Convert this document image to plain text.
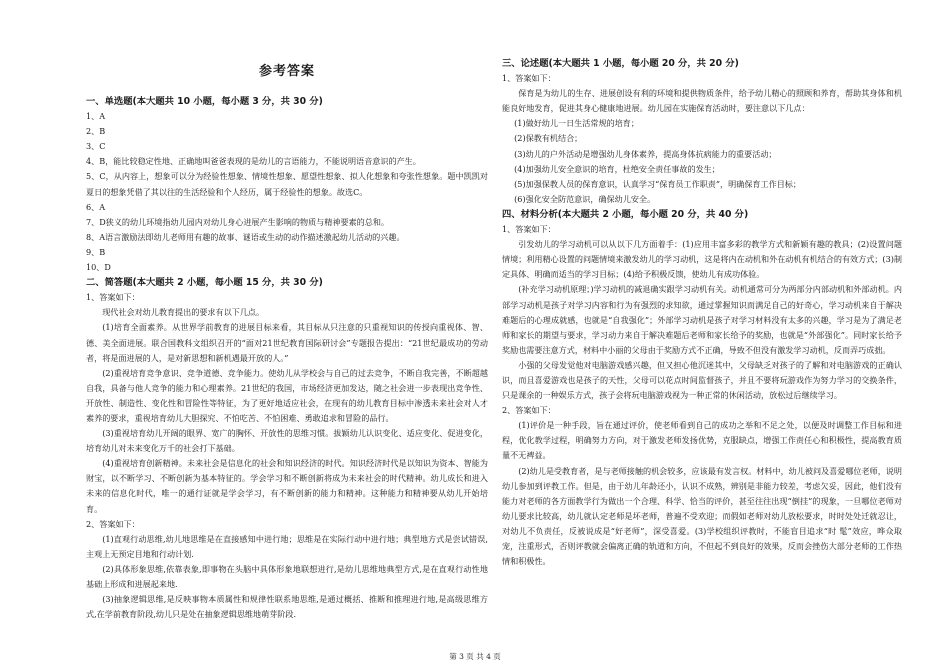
参考答案
一、单选题(本大题共 10 小题，每小题 3 分，共 30 分)

1、A

2、B

3、C

4、B，能比较稳定性地、正确地叫爸爸表现的是幼儿的言语能力，不能说明语音意识的产生。

5、C，从内容上，想象可以分为经验性想象、情境性想象、愿望性想象、拟人化想象和夸张性想象。题中凯凯对夏日的想象凭借了其以往的生活经验和个人经历，属于经验性的想象。故选C。

6、A

7、D狭义的幼儿环境指幼儿园内对幼儿身心进展产生影响的物质与精神要素的总和。

8、A语言激励法即幼儿老师用有趣的故事、谜语或生动的动作描述激起幼儿活动的兴趣。

9、B

10、D

二、简答题(本大题共 2 小题，每小题 15 分，共 30 分)

1、答案如下：

现代社会对幼儿教育提出的要求有以下几点。

(1)培育全面素养。从世界学前教育的进展目标来看，其目标从只注意的只重视知识的传授向重视体、智、德、美全面进展。联合国教科文组织召开的“面对21世纪教育国际研讨会”专题报告提出：“21世纪最成功的劳动者，将是面进展的人，是对新思想和新机遇最开放的人。”

(2)重视培育竞争意识、竞争道德、竞争能力。使幼儿从学校会与自己的过去竞争，不断自我完善，不断超越自我，具备与他人竞争的能力和心理素养。21世纪的我国，市场经济更加发达，随之社会进一步表现出竞争性、开放性、制造性、变化性和冒险性等特征，为了更好地适应社会，在现有的幼儿教育目标中渗透未来社会对人才素养的要求，重视培育幼儿大胆探究、不怕吃苦、不怕困难、勇敢追求和冒险的品行。

(3)重视培育幼儿开阔的眼界、宽广的胸怀、开放性的思维习惯。拔颖幼儿认识变化、适应变化、促进变化，培育幼儿对未来变化万千的社会打下基础。

(4)重视培育创新精神。未来社会是信息化的社会和知识经济的时代。知识经济时代是以知识为资本、智能为财宝，以不断学习、不断创新为基本特征的。学会学习和不断创新将成为未来社会的时代精神。幼儿成长和进入未来的信息化时代，唯一的通行证就是学会学习，有不断创新的能力和精神。这种能力和精神要从幼儿开始培育。

2、答案如下：

(1)直观行动思维,幼儿地思维是在直接感知中进行地；思维是在实际行动中进行地；典型地方式是尝试错误,主观上无预定目地和行动计划.

(2)具体形象思维,依靠表象,即事物在头脑中具体形象地联想进行,是幼儿思维地典型方式,是在直观行动性地基础上形成和进展起来地.

(3)抽象逻辑思维,是反映事物本质属性和规律性联系地思维,是通过概括、推断和推理进行地,是高级思维方式,在学前教育阶段,幼儿只是处在抽象逻辑思维地萌芽阶段.

三、论述题(本大题共 1 小题，每小题 20 分，共 20 分)

1、答案如下：

保育是为幼儿的生存、进展创设有利的环境和提供物质条件，给予幼儿精心的照顾和养育，帮助其身体和机能良好地发育，促进其身心健康地进展。幼儿园在实施保育活动时，要注意以下几点：

(1)做好幼儿一日生活常规的培育；

(2)保教有机结合；

(3)幼儿的户外活动是增强幼儿身体素养，提高身体抗病能力的重要活动；

(4)加强幼儿安全意识的培育，杜绝安全责任事故的发生；

(5)加强保教人员的保育意识，认真学习“保育员工作职责”，明确保育工作目标；

(6)强化安全防范意识，确保幼儿安全。

四、材料分析(本大题共 2 小题，每小题 20 分，共 40 分)

1、答案如下：

引发幼儿的学习动机可以从以下几方面着手：(1)应用丰富多彩的教学方式和新颖有趣的教具；(2)设置问题情境；利用精心设置的问题情境来激发幼儿的学习动机，这是将内在动机和外在动机有机结合的有效方式；(3)制定具体、明确而适当的学习目标；(4)给予积极反馈，使幼儿有成功体验。

(补充学习动机原理；)学习动机的减退确实跟学习动机有关。动机通常可分为两部分内部动机和外部动机。内部学习动机是孩子对学习内容和行为有强烈的求知欲，通过掌握知识而满足自己的好奇心，学习动机来自于解决难题后的心理成就感，也就是“自我强化”；外部学习动机是孩子对学习材料没有太多的兴趣，学习是为了满足老师和家长的期望与要求，学习动力来自于解决难题后老师和家长给予的奖励，也就是“外部强化”。同时家长给予奖励也需要注意方式，材料中小丽的父母由于奖励方式不正确，导致不但没有激发学习动机，反而弄巧成拙。

小强的父母发觉他对电脑游戏感兴趣，但又担心他沉迷其中，父母缺乏对孩子的了解和对电脑游戏的正确认识，而且喜爱游戏也是孩子的天性，父母可以花点时间监督孩子，并且不要将玩游戏作为努力学习的交换条件，只是课余的一种娱乐方式，孩子会将玩电脑游戏视为一种正常的休闲活动，放松过后继续学习。

2、答案如下：

(1)评价是一种手段，旨在通过评价，使老师看到自己的成功之举和不足之处，以便及时调整工作目标和进程，优化教学过程，明确努力方向，对于激发老师发扬优势，克服缺点，增强工作责任心和积极性，提高教育质量不无裨益。

(2)幼儿是受教育者，是与老师接触的机会较多，应该最有发言权。材料中，幼儿被问及喜爱哪位老师，说明幼儿参加到评教工作。但是，由于幼儿年龄还小，认识不成熟，辨别是非能力较差，考虑欠妥，因此，他们没有能力对老师的各方面教学行为做出一个合理、科学、恰当的评价，甚至往往出现“倒挂”的现象，一旦哪位老师对幼儿要求比较高，幼儿就认定老师是坏老师，普遍不受欢迎；而假如老师对幼儿放松要求，时时处处迁就忍让，对幼儿不负责任，反被说成是“好老师”，深受喜爱。(3)学校组织评教时，不能盲目追求“时 髦”效应，哗众取宠，注重形式，否则评教就会偏离正确的轨道和方向，不但起不到良好的效果，反而会挫伤大部分老师的工作热情和积极性。

第 3 页 共 4 页
